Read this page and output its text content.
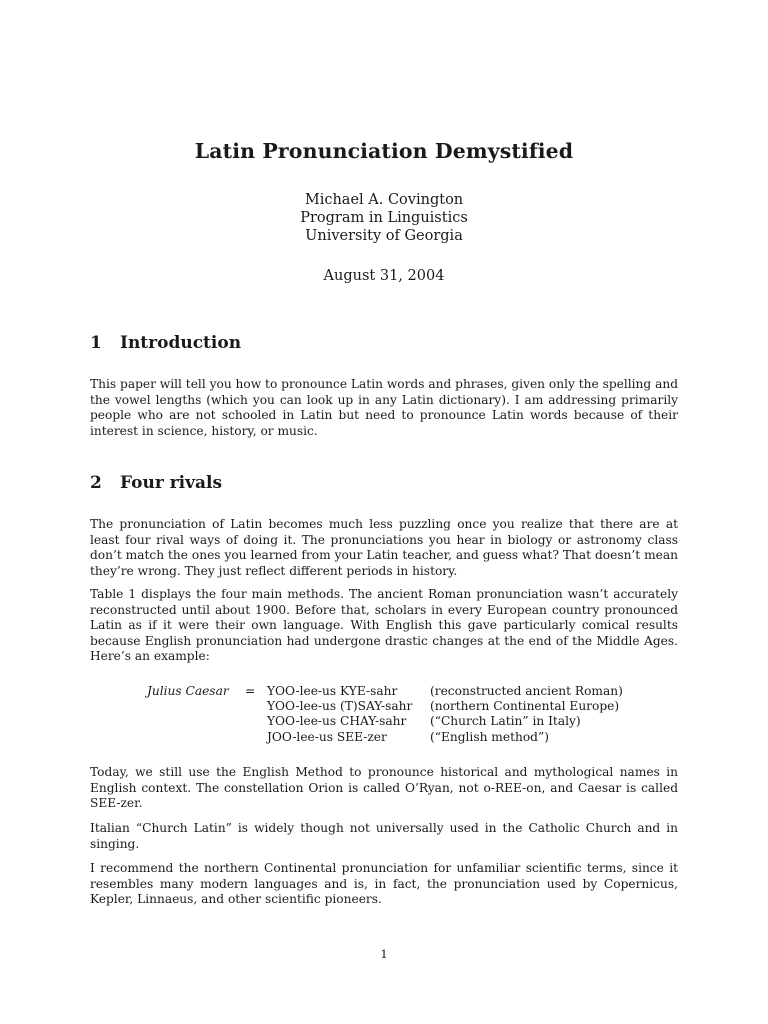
Latin Pronunciation Demystified
Michael A. Covington
Program in Linguistics
University of Georgia
August 31, 2004
1 Introduction

This paper will tell you how to pronounce Latin words and phrases, given only the spelling and the vowel lengths (which you can look up in any Latin dictionary). I am addressing primarily people who are not schooled in Latin but need to pronounce Latin words because of their interest in science, history, or music.

2 Four rivals

The pronunciation of Latin becomes much less puzzling once you realize that there are at least four rival ways of doing it. The pronunciations you hear in biology or astronomy class don’t match the ones you learned from your Latin teacher, and guess what? That doesn’t mean they’re wrong. They just reflect different periods in history.

Table 1 displays the four main methods. The ancient Roman pronunciation wasn’t accurately reconstructed until about 1900. Before that, scholars in every European country pronounced Latin as if it were their own language. With English this gave particularly comical results because English pronunciation had undergone drastic changes at the end of the Middle Ages. Here’s an example:

Julius Caesar	= YOO-lee-us KYE-sahr	(reconstructed ancient Roman)
YOO-lee-us (T)SAY-sahr	(northern Continental Europe)
YOO-lee-us CHAY-sahr	(“Church Latin” in Italy)
JOO-lee-us SEE-zer	(“English method”)

Today, we still use the English Method to pronounce historical and mythological names in English context. The constellation Orion is called O’Ryan, not o-REE-on, and Caesar is called SEE-zer.

Italian “Church Latin” is widely though not universally used in the Catholic Church and in singing.

I recommend the northern Continental pronunciation for unfamiliar scientific terms, since it resembles many modern languages and is, in fact, the pronunciation used by Copernicus, Kepler, Linnaeus, and other scientific pioneers.

1
